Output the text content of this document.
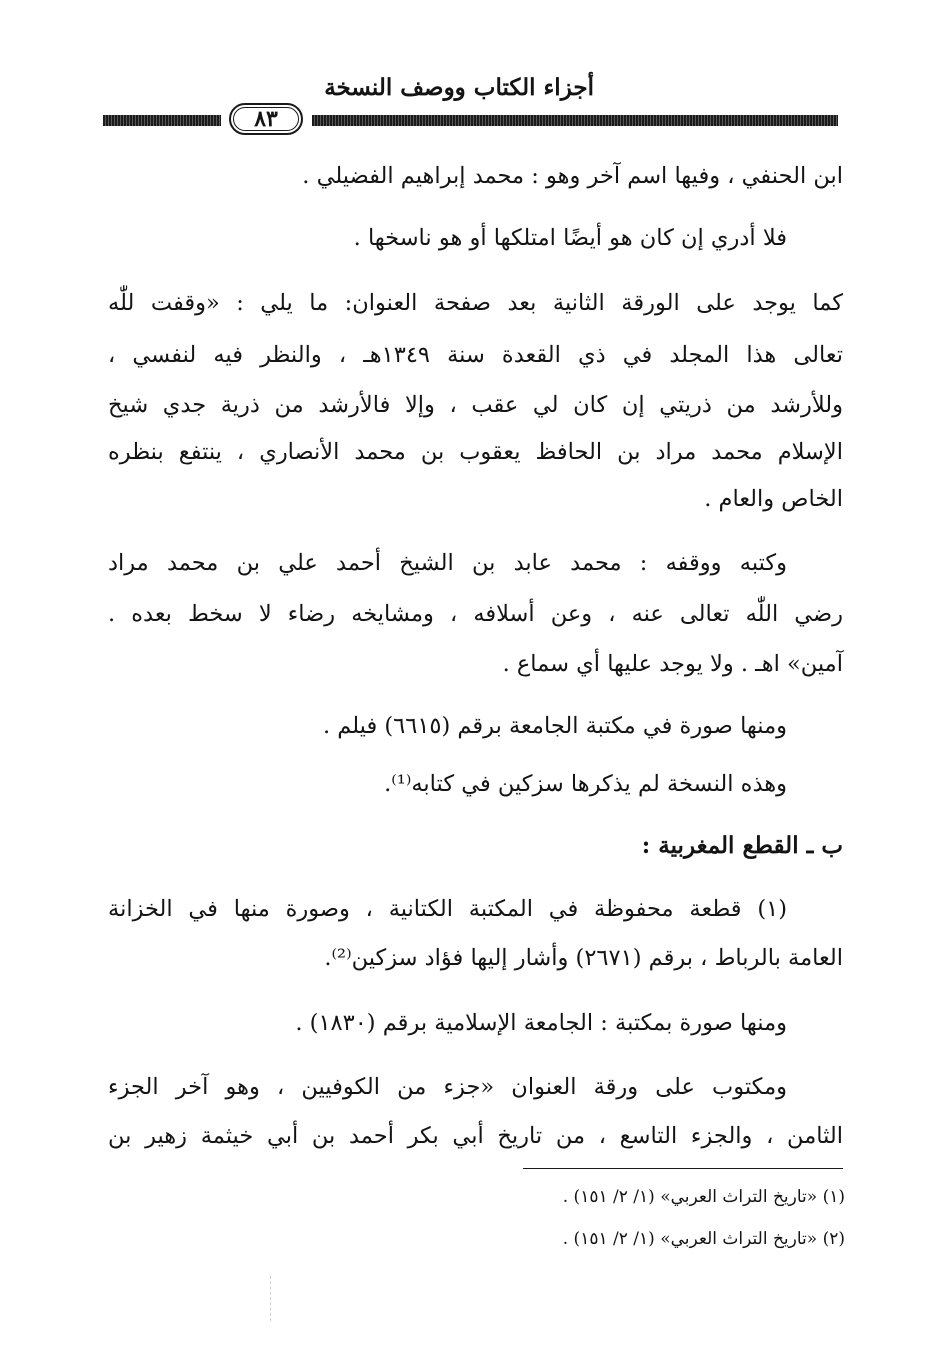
أجزاء الكتاب ووصف النسخة
٨٣
ابن الحنفي ، وفيها اسم آخر وهو : محمد إبراهيم الفضيلي .
فلا أدري إن كان هو أيضًا امتلكها أو هو ناسخها .
كما يوجد على الورقة الثانية بعد صفحة العنوان: ما يلي : «وقفت للّٰه
تعالى هذا المجلد في ذي القعدة سنة ١٣٤٩هـ ، والنظر فيه لنفسي ،
وللأرشد من ذريتي إن كان لي عقب ، وإلا فالأرشد من ذرية جدي شيخ
الإسلام محمد مراد بن الحافظ يعقوب بن محمد الأنصاري ، ينتفع بنظره
الخاص والعام .
وكتبه ووقفه : محمد عابد بن الشيخ أحمد علي بن محمد مراد
رضي اللّٰه تعالى عنه ، وعن أسلافه ، ومشايخه رضاء لا سخط بعده .
آمين» اهـ . ولا يوجد عليها أي سماع .
ومنها صورة في مكتبة الجامعة برقم (٦٦١٥) فيلم .
وهذه النسخة لم يذكرها سزكين في كتابه⁽¹⁾.
ب ـ القطع المغربية :
(١) قطعة محفوظة في المكتبة الكتانية ، وصورة منها في الخزانة
العامة بالرباط ، برقم (٢٦٧١) وأشار إليها فؤاد سزكين⁽²⁾.
ومنها صورة بمكتبة : الجامعة الإسلامية برقم (١٨٣٠) .
ومكتوب على ورقة العنوان «جزء من الكوفيين ، وهو آخر الجزء
الثامن ، والجزء التاسع ، من تاريخ أبي بكر أحمد بن أبي خيثمة زهير بن
(١) «تاريخ التراث العربي» (١/ ٢/ ١٥١) .
(٢) «تاريخ التراث العربي» (١/ ٢/ ١٥١) .
